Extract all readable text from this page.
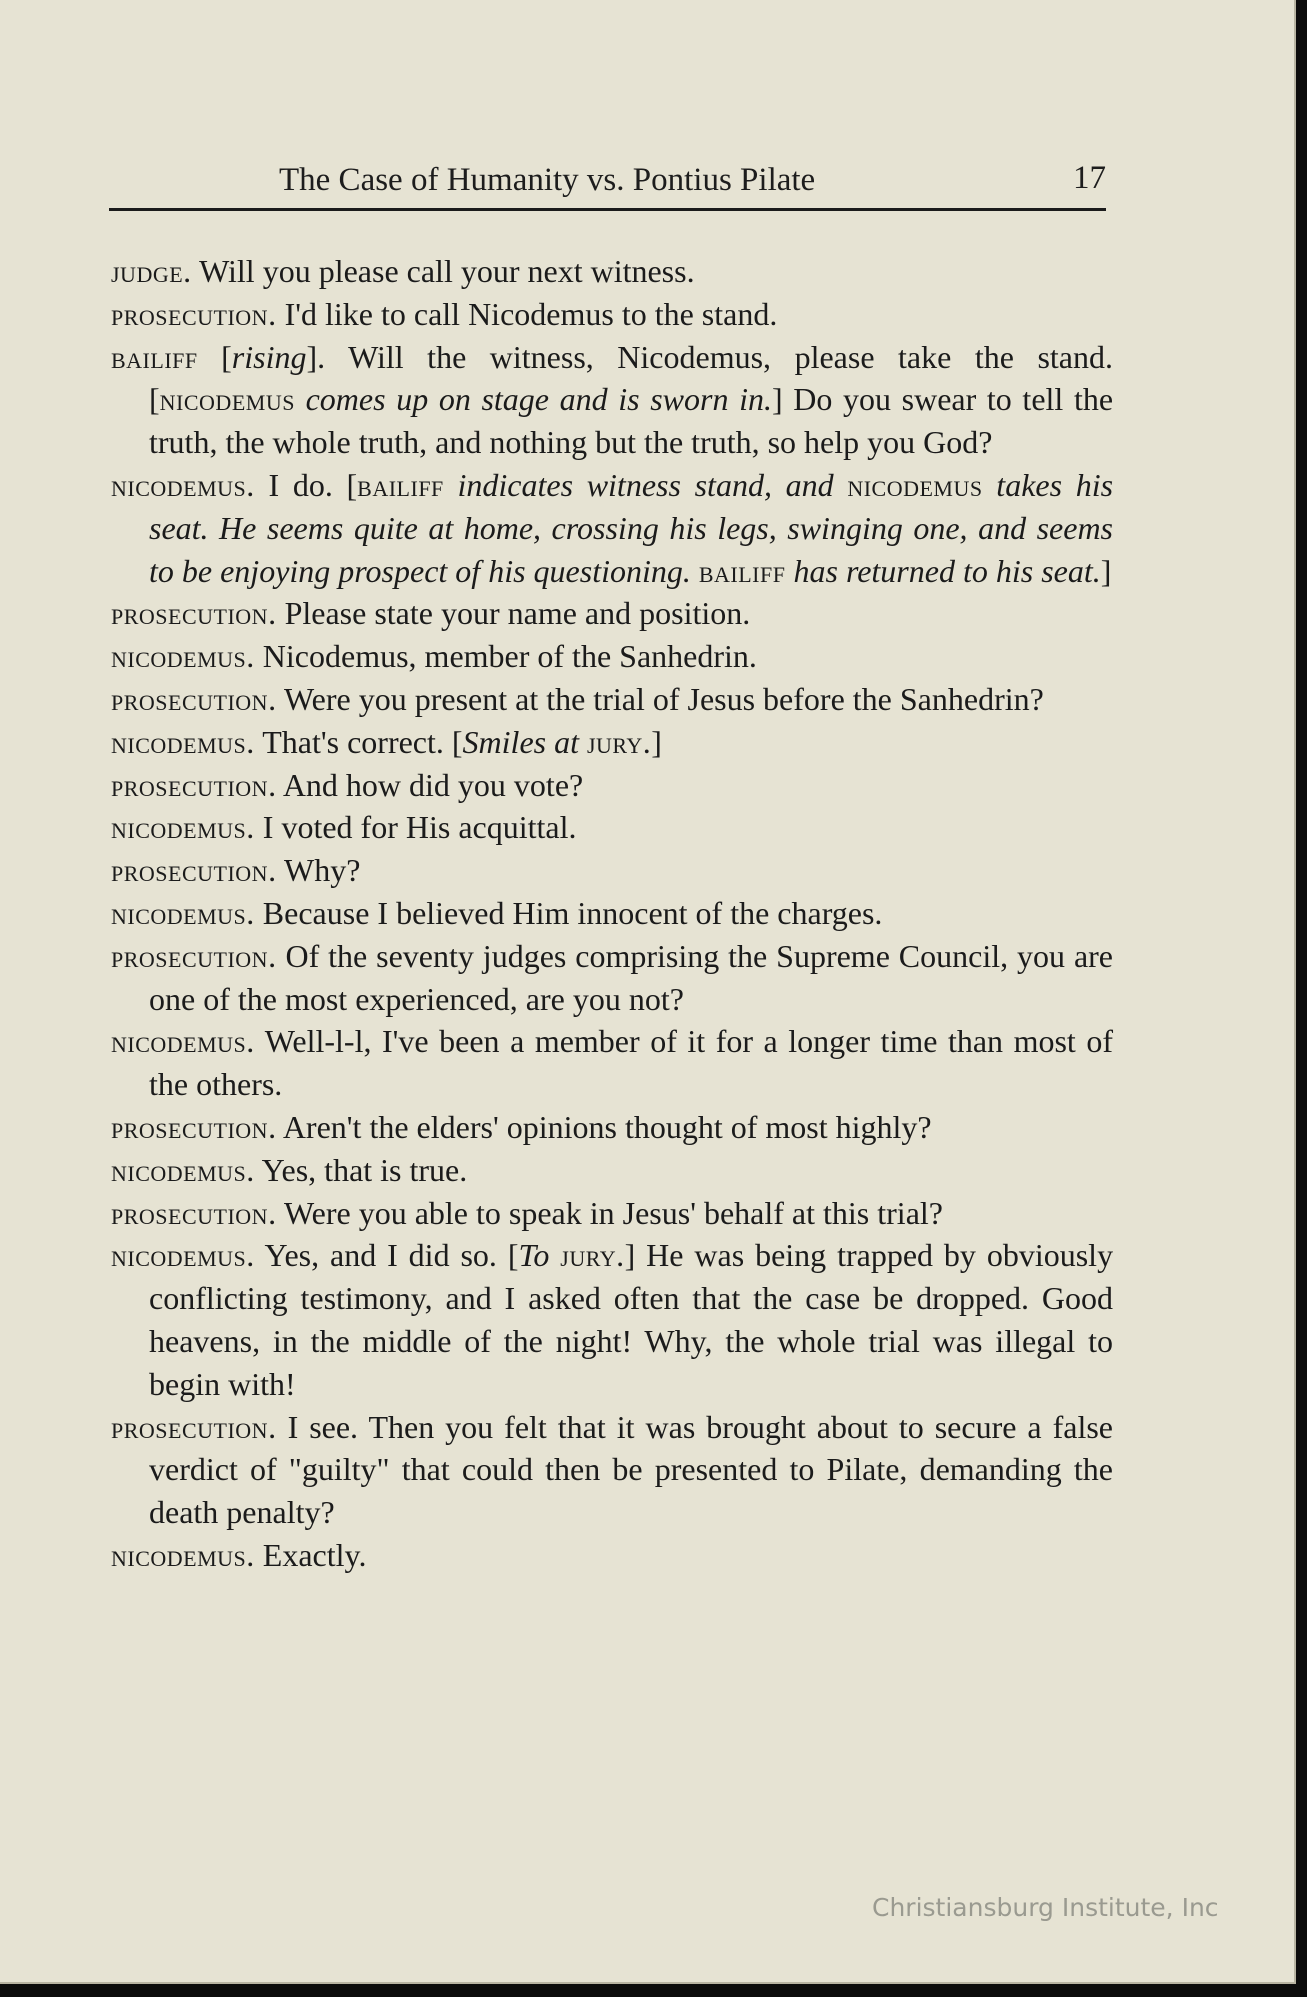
The Case of Humanity vs. Pontius Pilate	17

judge. Will you please call your next witness.

prosecution. I'd like to call Nicodemus to the stand.

bailiff [rising]. Will the witness, Nicodemus, please take the stand. [nicodemus comes up on stage and is sworn in.] Do you swear to tell the truth, the whole truth, and nothing but the truth, so help you God?

nicodemus. I do. [bailiff indicates witness stand, and nicodemus takes his seat. He seems quite at home, crossing his legs, swinging one, and seems to be enjoying prospect of his questioning. bailiff has returned to his seat.]

prosecution. Please state your name and position.

nicodemus. Nicodemus, member of the Sanhedrin.

prosecution. Were you present at the trial of Jesus before the Sanhedrin?

nicodemus. That's correct. [Smiles at jury.]

prosecution. And how did you vote?

nicodemus. I voted for His acquittal.

prosecution. Why?

nicodemus. Because I believed Him innocent of the charges.

prosecution. Of the seventy judges comprising the Supreme Council, you are one of the most experienced, are you not?

nicodemus. Well-l-l, I've been a member of it for a longer time than most of the others.

prosecution. Aren't the elders' opinions thought of most highly?

nicodemus. Yes, that is true.

prosecution. Were you able to speak in Jesus' behalf at this trial?

nicodemus. Yes, and I did so. [To jury.] He was being trapped by obviously conflicting testimony, and I asked often that the case be dropped. Good heavens, in the middle of the night! Why, the whole trial was illegal to begin with!

prosecution. I see. Then you felt that it was brought about to secure a false verdict of "guilty" that could then be presented to Pilate, demanding the death penalty?

nicodemus. Exactly.

Christiansburg Institute, Inc
